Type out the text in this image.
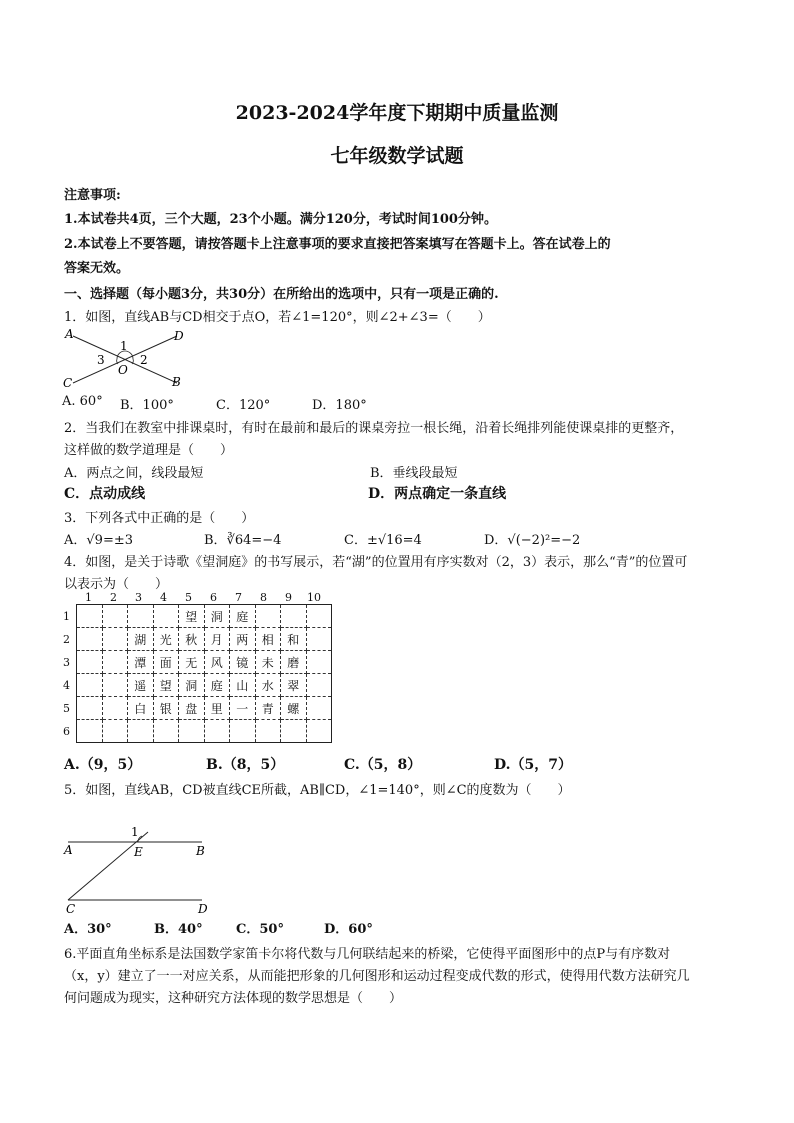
2023-2024学年度下期期中质量监测
七年级数学试题
注意事项:
1.本试卷共4页，三个大题，23个小题。满分120分，考试时间100分钟。
2.本试卷上不要答题，请按答题卡上注意事项的要求直接把答案填写在答题卡上。答在试卷上的
答案无效。
一、选择题（每小题3分，共30分）在所给出的选项中，只有一项是正确的.
1．如图，直线AB与CD相交于点O，若∠1=120°，则∠2+∠3=（　　）
A	D
C	B
O
1
2
3
A. 60° B．100°	C．120°	D．180°
2．当我们在教室中排课桌时，有时在最前和最后的课桌旁拉一根长绳，沿着长绳排列能使课桌排的更整齐，
这样做的数学道理是（　　）
A．两点之间，线段最短	B．垂线段最短
C．点动成线	D．两点确定一条直线
3．下列各式中正确的是（　　）
A．√9=±3	B．∛64=−4	C．±√16=4	D．√(−2)²=−2
4．如图，是关于诗歌《望洞庭》的书写展示，若“湖”的位置用有序实数对（2，3）表示，那么“青”的位置可
以表示为（　　）
1 2 3 4 5 6 7 8 9 10
1
2
3
4
5
6
				望	洞	庭			
		湖	光	秋	月	两	相	和	
		潭	面	无	风	镜	未	磨	
		遥	望	洞	庭	山	水	翠	
		白	银	盘	里	一	青	螺	

A.（9，5）	B.（8，5）	C.（5，8）	D.（5，7）
5．如图，直线AB，CD被直线CE所截，AB∥CD，∠1=140°，则∠C的度数为（　　）
A	B
E
C	D
1
A．30°	B．40°	C．50°	D．60°
6.平面直角坐标系是法国数学家笛卡尔将代数与几何联结起来的桥梁，它使得平面图形中的点P与有序数对
（x，y）建立了一一对应关系，从而能把形象的几何图形和运动过程变成代数的形式，使得用代数方法研究几
何问题成为现实，这种研究方法体现的数学思想是（　　）
